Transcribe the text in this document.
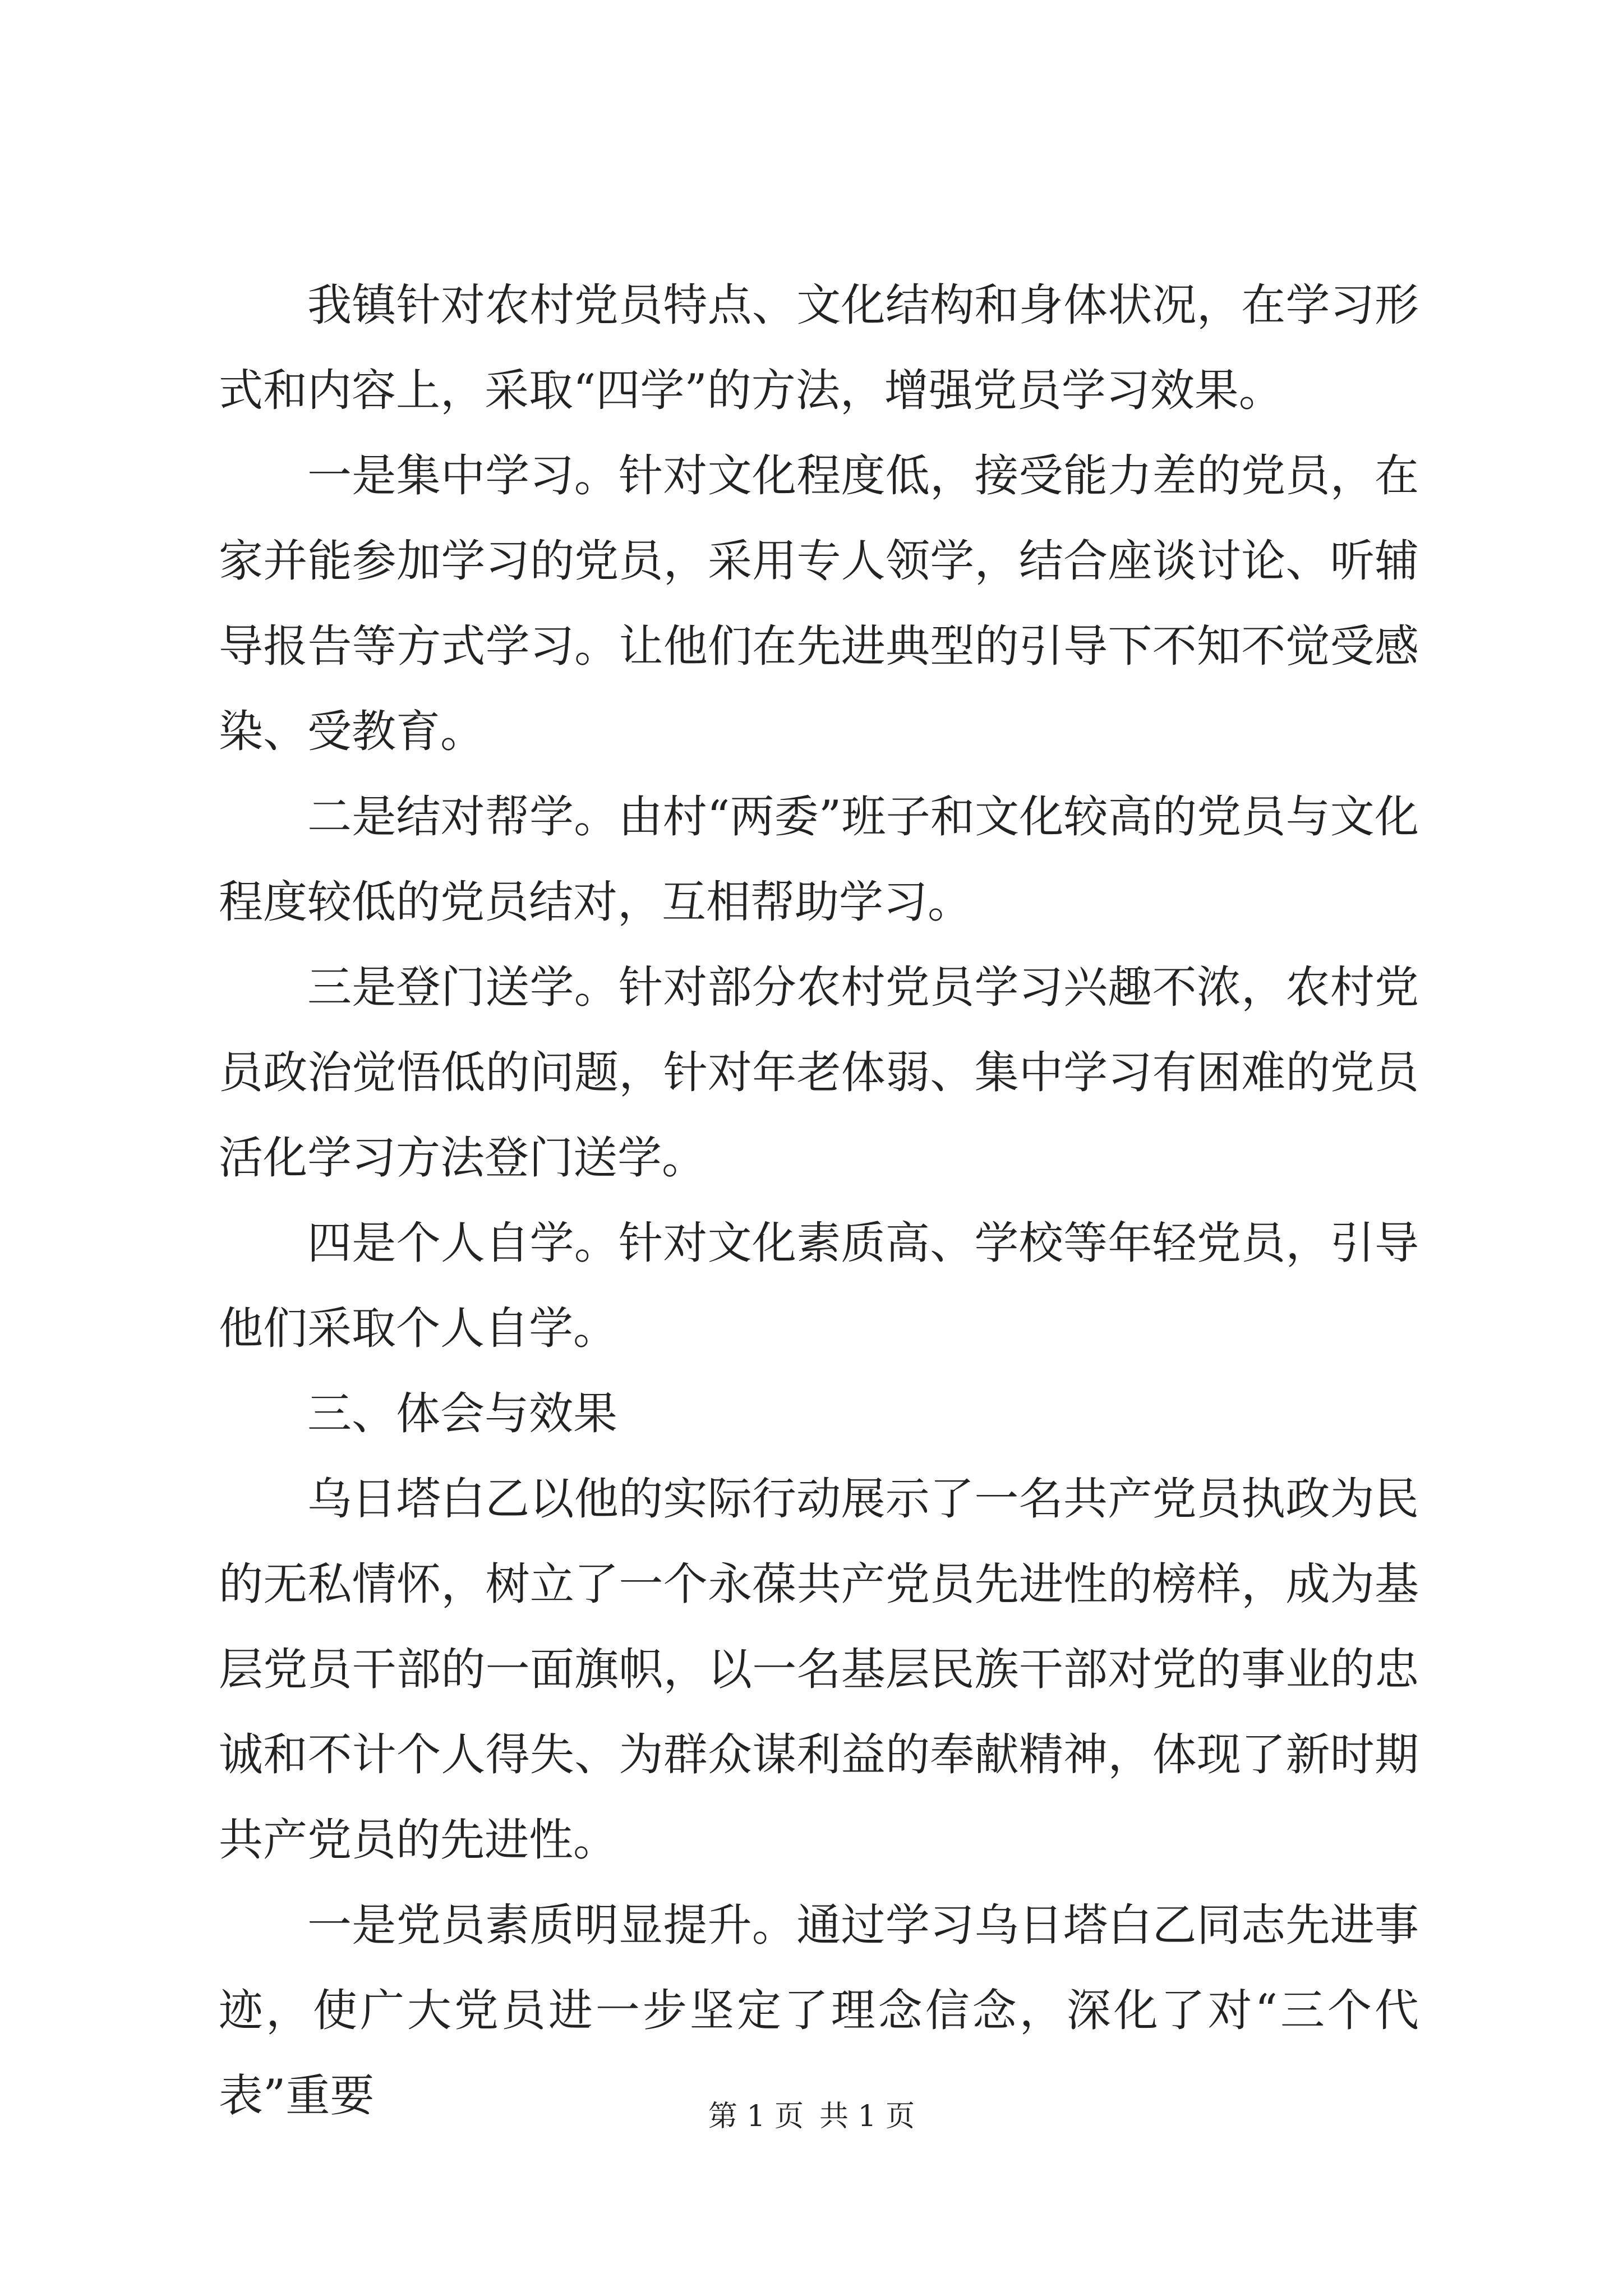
我镇针对农村党员特点、文化结构和身体状况，在学习形式和内容上，采取“四学”的方法，增强党员学习效果。

一是集中学习。针对文化程度低，接受能力差的党员，在家并能参加学习的党员，采用专人领学，结合座谈讨论、听辅导报告等方式学习。让他们在先进典型的引导下不知不觉受感染、受教育。

二是结对帮学。由村“两委”班子和文化较高的党员与文化程度较低的党员结对，互相帮助学习。

三是登门送学。针对部分农村党员学习兴趣不浓，农村党员政治觉悟低的问题，针对年老体弱、集中学习有困难的党员活化学习方法登门送学。

四是个人自学。针对文化素质高、学校等年轻党员，引导他们采取个人自学。

三、体会与效果

乌日塔白乙以他的实际行动展示了一名共产党员执政为民的无私情怀，树立了一个永葆共产党员先进性的榜样，成为基层党员干部的一面旗帜，以一名基层民族干部对党的事业的忠诚和不计个人得失、为群众谋利益的奉献精神，体现了新时期共产党员的先进性。

一是党员素质明显提升。通过学习乌日塔白乙同志先进事迹，使广大党员进一步坚定了理念信念，深化了对“三个代表”重要	第 1 页 共 1 页
